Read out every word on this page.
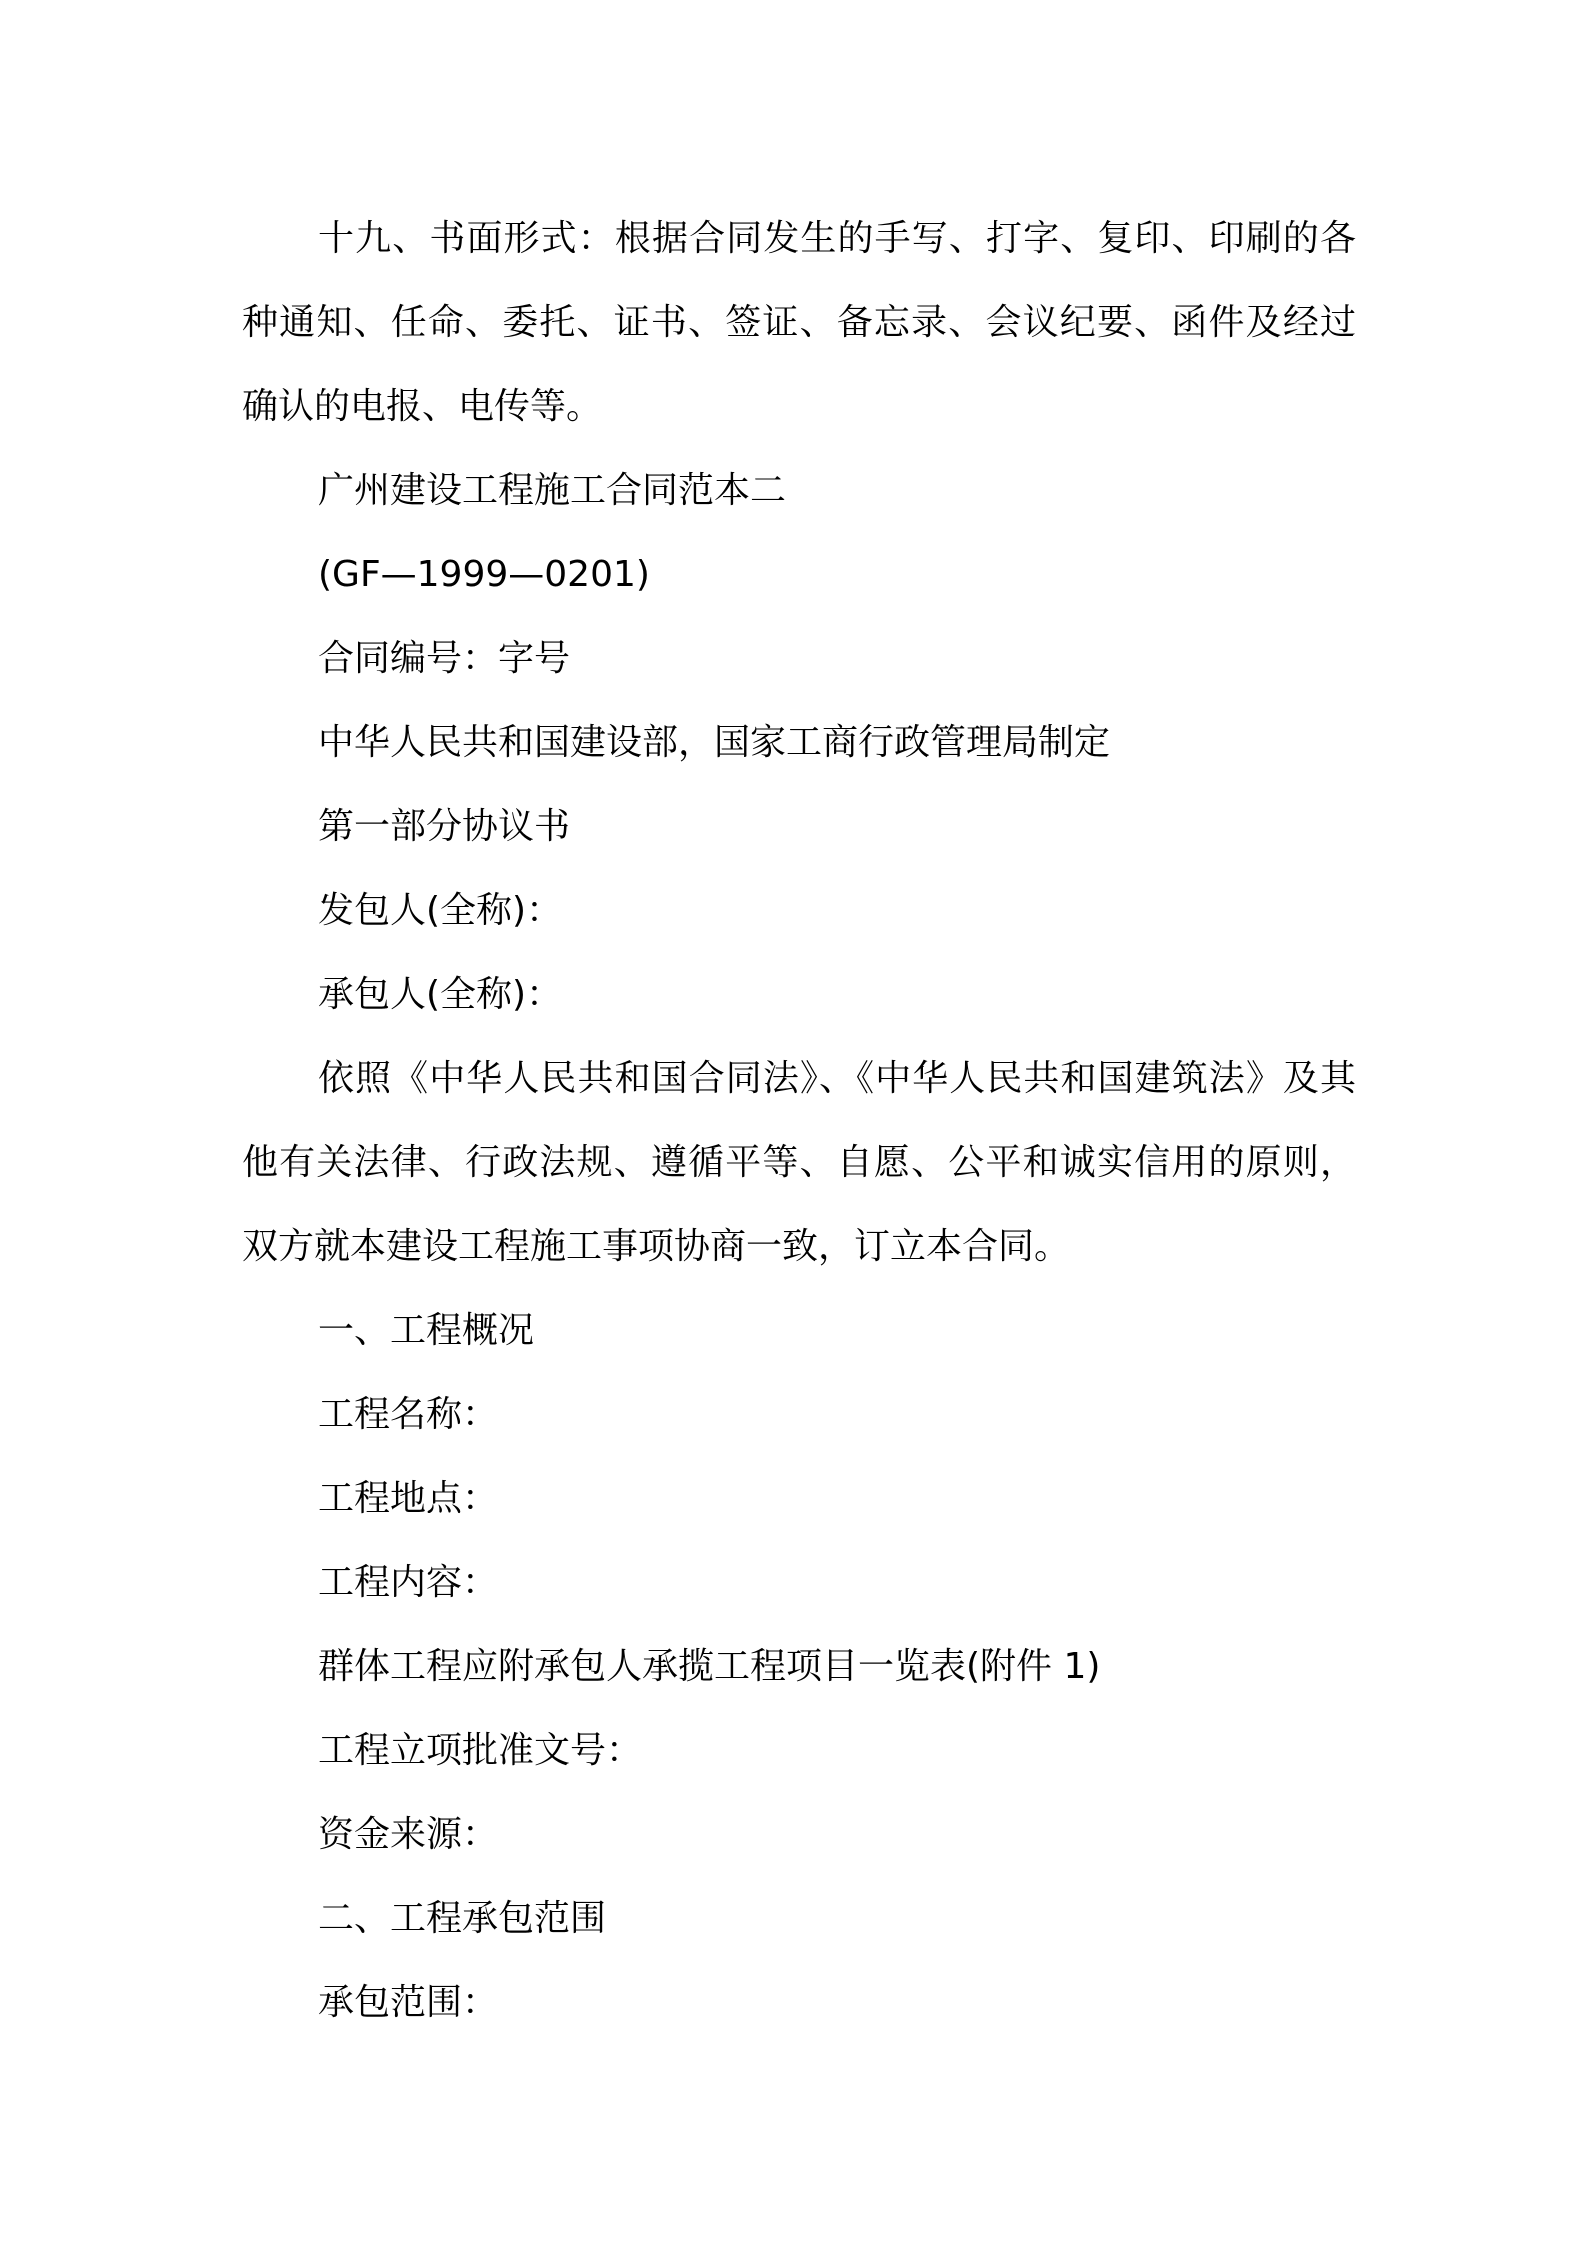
十九、书面形式：根据合同发生的手写、打字、复印、印刷的各种通知、任命、委托、证书、签证、备忘录、会议纪要、函件及经过确认的电报、电传等。

广州建设工程施工合同范本二

(GF—1999—0201)

合同编号：字号

中华人民共和国建设部，国家工商行政管理局制定

第一部分协议书

发包人(全称)：

承包人(全称)：

依照《中华人民共和国合同法》、《中华人民共和国建筑法》及其他有关法律、行政法规、遵循平等、自愿、公平和诚实信用的原则，双方就本建设工程施工事项协商一致，订立本合同。

一、工程概况

工程名称：

工程地点：

工程内容：

群体工程应附承包人承揽工程项目一览表(附件 1)

工程立项批准文号：

资金来源：

二、工程承包范围

承包范围：
